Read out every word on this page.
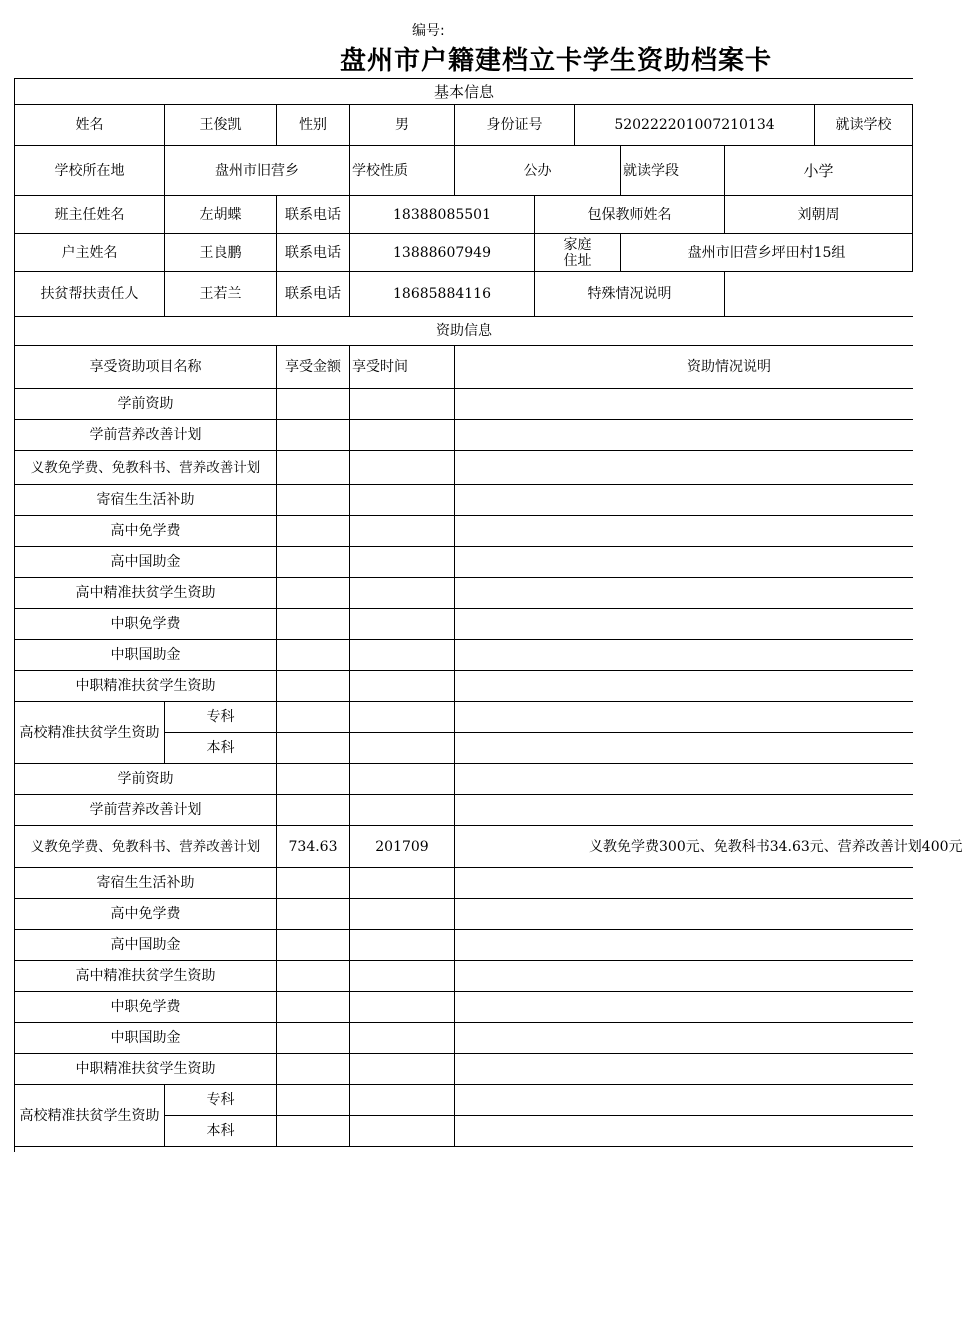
编号:
盘州市户籍建档立卡学生资助档案卡
基本信息
姓名	王俊凯	性别	男	身份证号	520222201007210134	就读学校
学校所在地	盘州市旧营乡	学校性质	公办	就读学段	小学
班主任姓名	左胡蝶	联系电话	18388085501	包保教师姓名	刘朝周
户主姓名	王良鹏	联系电话	13888607949	家庭住址	盘州市旧营乡坪田村15组
扶贫帮扶责任人	王若兰	联系电话	18685884116	特殊情况说明
资助信息
享受资助项目名称	享受金额 享受时间	资助情况说明
学前资助
学前营养改善计划
义教免学费、免教科书、营养改善计划
寄宿生生活补助
高中免学费
高中国助金
高中精准扶贫学生资助
中职免学费
中职国助金
中职精准扶贫学生资助
高校精准扶贫学生资助
专科
本科
学前资助
学前营养改善计划
义教免学费、免教科书、营养改善计划	734.63	201709	义教免学费300元、免教科书34.63元、营养改善计划400元
寄宿生生活补助
高中免学费
高中国助金
高中精准扶贫学生资助
中职免学费
中职国助金
中职精准扶贫学生资助
高校精准扶贫学生资助
专科
本科
